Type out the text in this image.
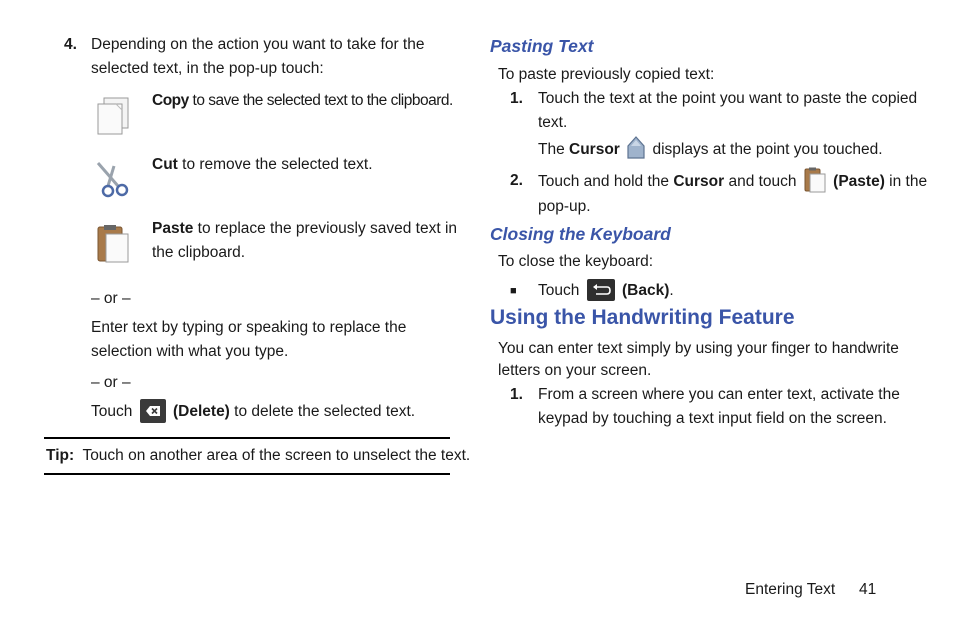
4. Depending on the action you want to take for the
selected text, in the pop-up touch:
Copy to save the selected text to the clipboard.
Cut to remove the selected text.
Paste to replace the previously saved text in
the clipboard.
– or –
Enter text by typing or speaking to replace the
selection with what you type.
– or –
Touch	(Delete) to delete the selected text.
Tip: Touch on another area of the screen to unselect the text.
Pasting Text
To paste previously copied text:
1. Touch the text at the point you want to paste the copied
text.
The Cursor displays at the point you touched.
2. Touch and hold the Cursor and touch (Paste) in the
pop-up.
Closing the Keyboard
To close the keyboard:
■ Touch	(Back).
Using the Handwriting Feature
You can enter text simply by using your finger to handwrite
letters on your screen.
1. From a screen where you can enter text, activate the
keypad by touching a text input field on the screen.
Entering Text 41
